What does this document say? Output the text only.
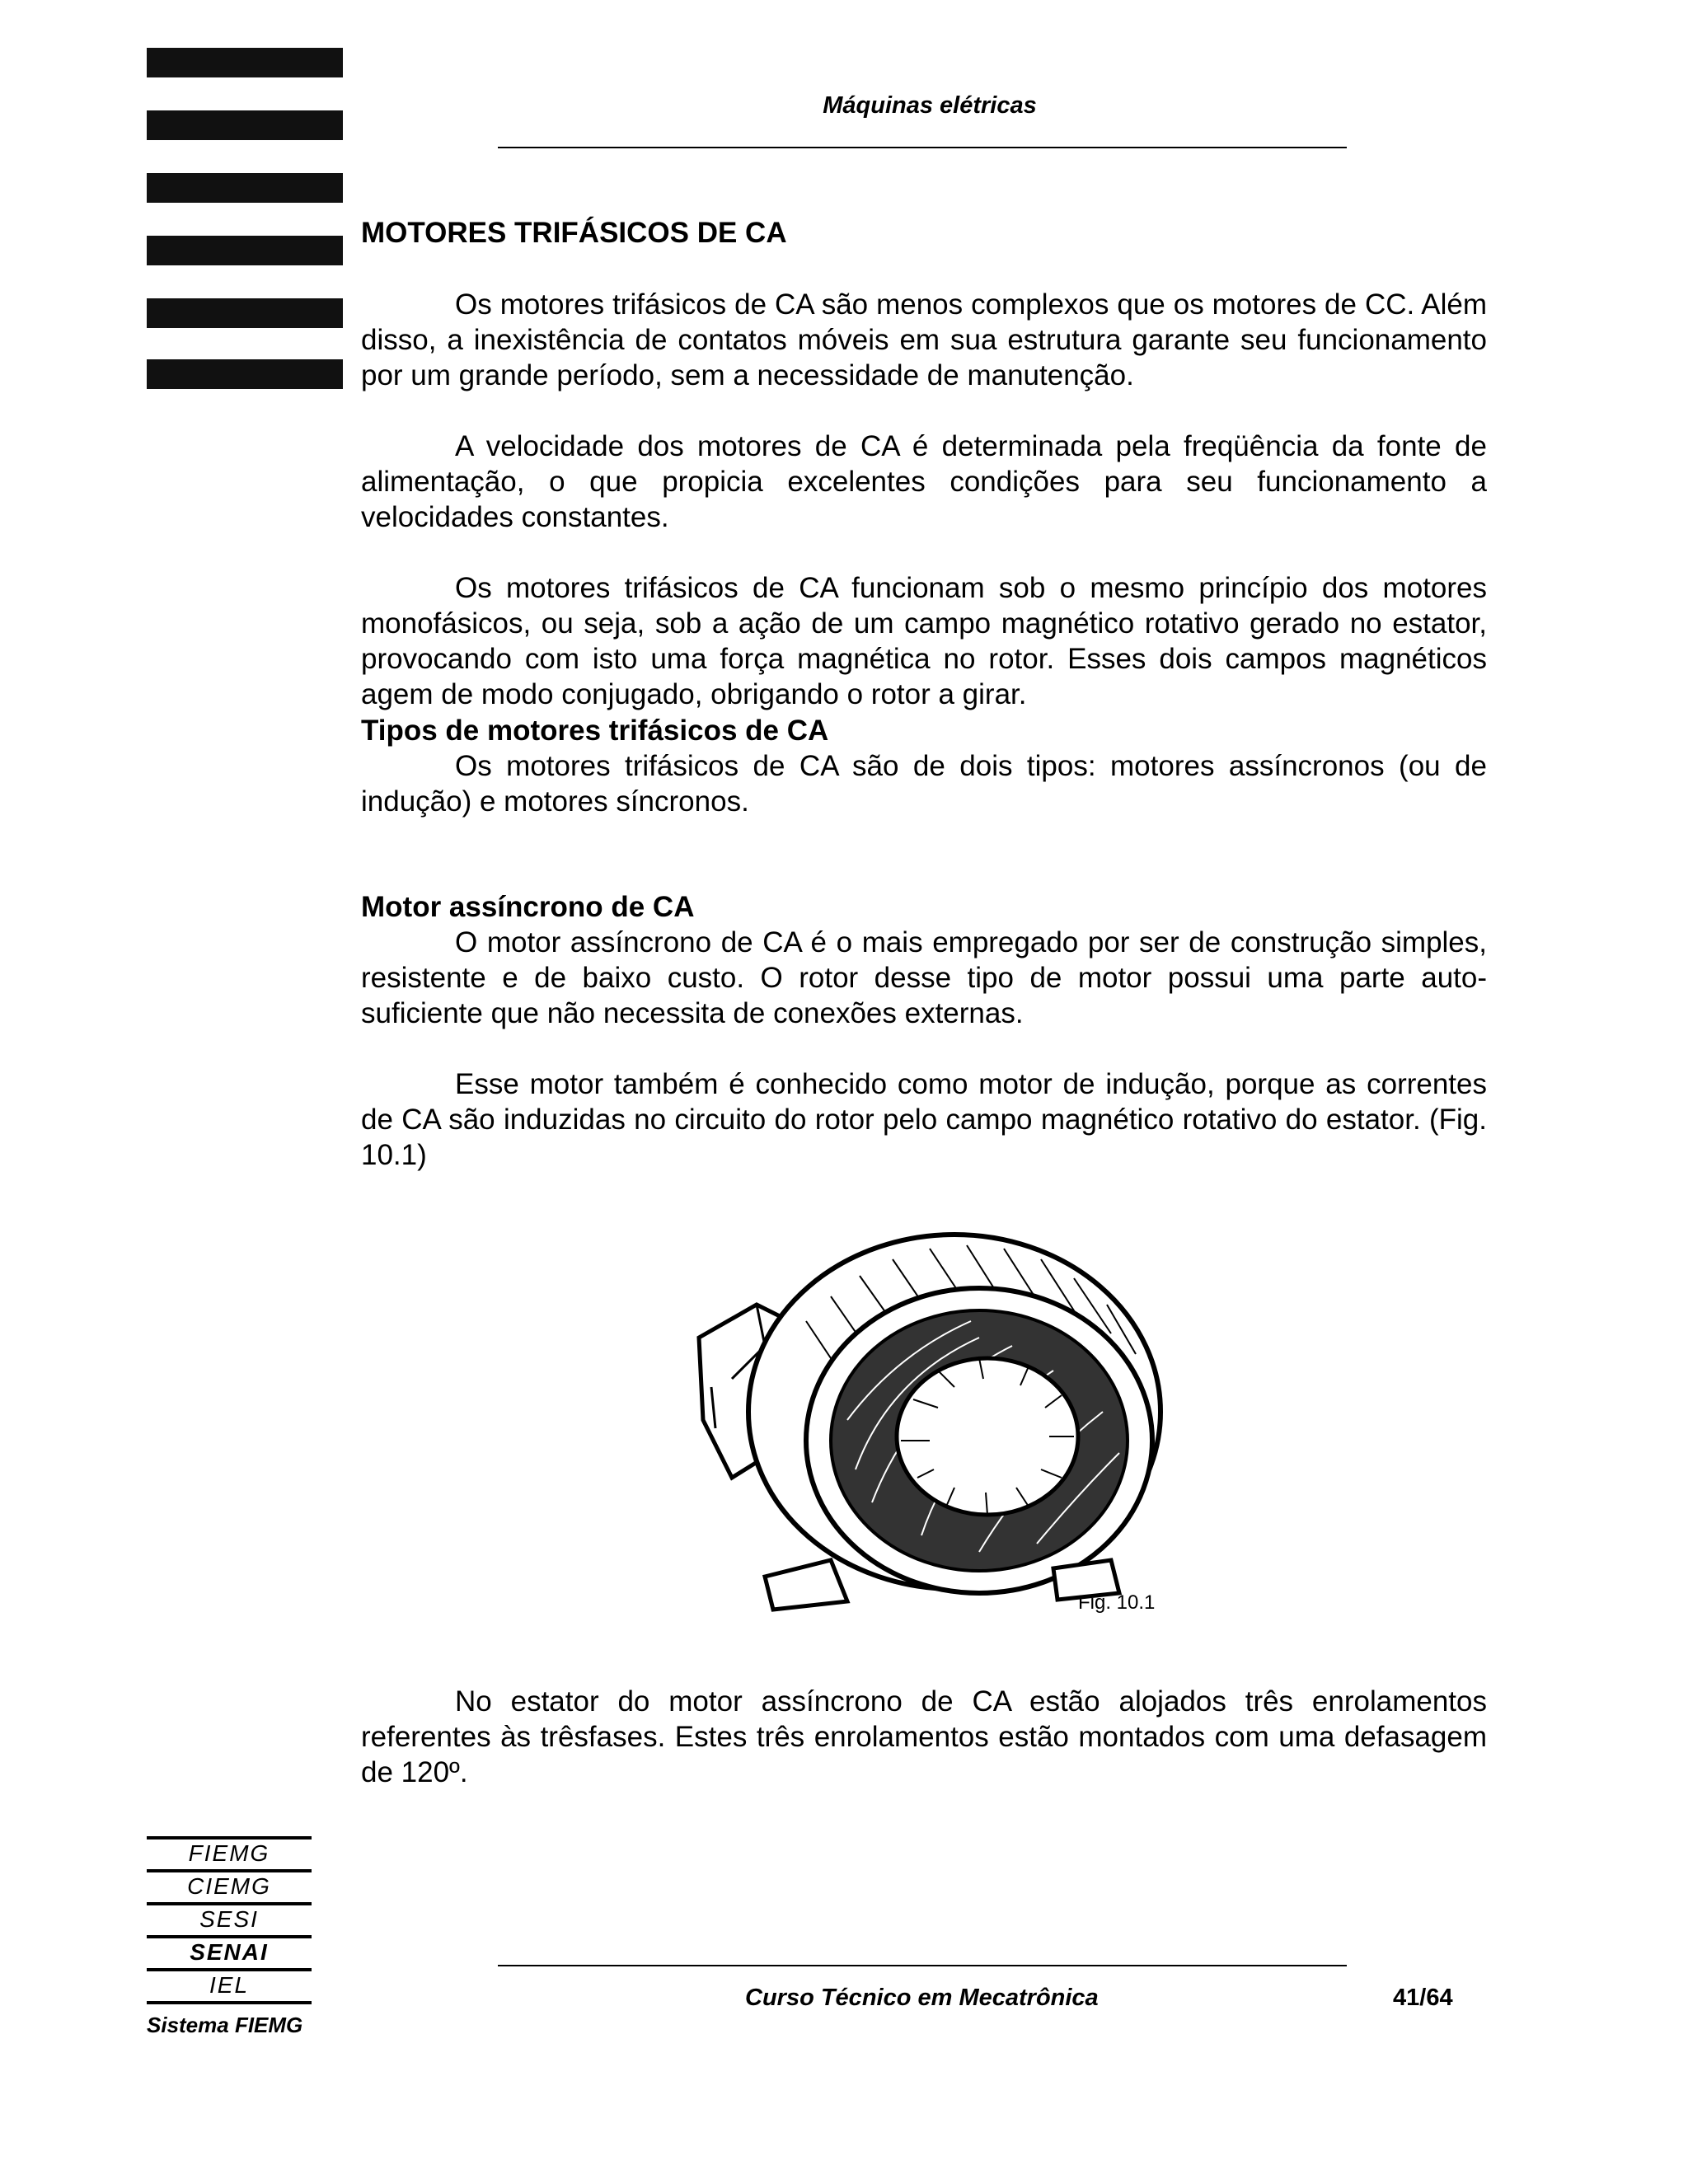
Máquinas elétricas
MOTORES TRIFÁSICOS DE CA

Os motores trifásicos de CA são menos complexos que os motores de CC. Além disso, a inexistência de contatos móveis em sua estrutura garante seu funcionamento por um grande período, sem a necessidade de manutenção.

A velocidade dos motores de CA é determinada pela freqüência da fonte de alimentação, o que propicia excelentes condições para seu funcionamento a velocidades constantes.

Os motores trifásicos de CA funcionam sob o mesmo princípio dos motores monofásicos, ou seja, sob a ação de um campo magnético rotativo gerado no estator, provocando com isto uma força magnética no rotor. Esses dois campos magnéticos agem de modo conjugado, obrigando o rotor a girar.

Tipos de motores trifásicos de CA

Os motores trifásicos de CA são de dois tipos: motores assíncronos (ou de indução) e motores síncronos.

Motor assíncrono de CA

O motor assíncrono de CA é o mais empregado por ser de construção simples, resistente e de baixo custo. O rotor desse tipo de motor possui uma parte auto-suficiente que não necessita de conexões externas.

Esse motor também é conhecido como motor de indução, porque as correntes de CA são induzidas no circuito do rotor pelo campo magnético rotativo do estator. (Fig. 10.1)

Fig. 10.1

No estator do motor assíncrono de CA estão alojados três enrolamentos referentes às trêsfases. Estes três enrolamentos estão montados com uma defasagem de 120º.

FIEMG
CIEMG
SESI
SENAI
IEL
Sistema FIEMG
Curso Técnico em Mecatrônica	41/64
